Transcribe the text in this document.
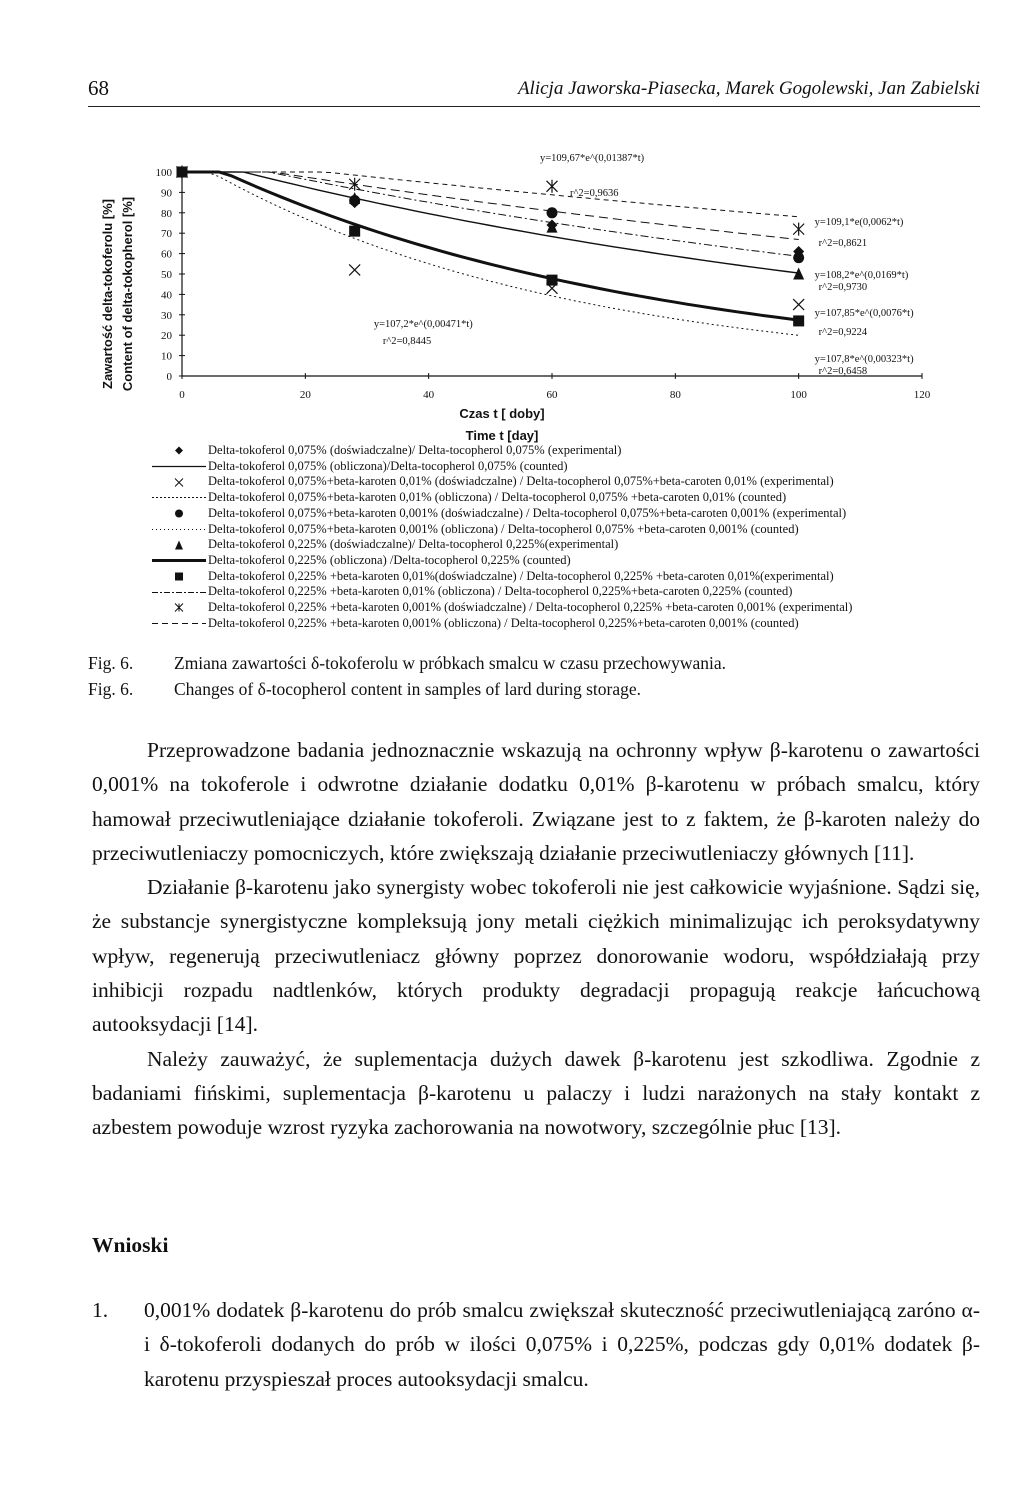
68	Alicja Jaworska-Piasecka, Marek Gogolewski, Jan Zabielski
0	20	40	60	80	100	120
0
10
20
30
40
50
60
70
80
90
100
Zawartość delta-tokoferolu [%] Content of delta-tokopherol [%]
Czas t [ doby]
Time t [day]
y=109,67*e^(0,01387*t)
r^2=0,9636
y=109,1*e(0,0062*t)
r^2=0,8621
y=108,2*e^(0,0169*t)
r^2=0,9730
y=107,85*e^(0,0076*t)
r^2=0,9224
y=107,8*e^(0,00323*t)
r^2=0,6458
y=107,2*e^(0,00471*t)
r^2=0,8445
Delta-tokoferol 0,075% (doświadczalne)/ Delta-tocopherol 0,075% (experimental)
Delta-tokoferol 0,075% (obliczona)/Delta-tocopherol 0,075% (counted)
Delta-tokoferol 0,075%+beta-karoten 0,01% (doświadczalne) / Delta-tocopherol 0,075%+beta-caroten 0,01% (experimental)
Delta-tokoferol 0,075%+beta-karoten 0,01% (obliczona) / Delta-tocopherol 0,075% +beta-caroten 0,01% (counted)
Delta-tokoferol 0,075%+beta-karoten 0,001% (doświadczalne) / Delta-tocopherol 0,075%+beta-caroten 0,001% (experimental)
Delta-tokoferol 0,075%+beta-karoten 0,001% (obliczona) / Delta-tocopherol 0,075% +beta-caroten 0,001% (counted)
Delta-tokoferol 0,225% (doświadczalne)/ Delta-tocopherol 0,225%(experimental)
Delta-tokoferol 0,225% (obliczona) /Delta-tocopherol 0,225% (counted)
Delta-tokoferol 0,225% +beta-karoten 0,01%(doświadczalne) / Delta-tocopherol 0,225% +beta-caroten 0,01%(experimental)
Delta-tokoferol 0,225% +beta-karoten 0,01% (obliczona) / Delta-tocopherol 0,225%+beta-caroten 0,225% (counted)
Delta-tokoferol 0,225% +beta-karoten 0,001% (doświadczalne) / Delta-tocopherol 0,225% +beta-caroten 0,001% (experimental)
Delta-tokoferol 0,225% +beta-karoten 0,001% (obliczona) / Delta-tocopherol 0,225%+beta-caroten 0,001% (counted)
Fig. 6.	Zmiana zawartości δ-tokoferolu w próbkach smalcu w czasu przechowywania.
Fig. 6.	Changes of δ-tocopherol content in samples of lard during storage.

Przeprowadzone badania jednoznacznie wskazują na ochronny wpływ β-karotenu o zawartości 0,001% na tokoferole i odwrotne działanie dodatku 0,01% β-karotenu w próbach smalcu, który hamował przeciwutleniające działanie tokoferoli. Związane jest to z faktem, że β-karoten należy do przeciwutleniaczy pomocniczych, które zwiększają działanie przeciwutleniaczy głównych [11].

Działanie β-karotenu jako synergisty wobec tokoferoli nie jest całkowicie wyjaśnione. Sądzi się, że substancje synergistyczne kompleksują jony metali ciężkich minimalizując ich peroksydatywny wpływ, regenerują przeciwutleniacz główny poprzez donorowanie wodoru, współdziałają przy inhibicji rozpadu nadtlenków, których produkty degradacji propagują reakcje łańcuchową autooksydacji [14].

Należy zauważyć, że suplementacja dużych dawek β-karotenu jest szkodliwa. Zgodnie z badaniami fińskimi, suplementacja β-karotenu u palaczy i ludzi narażonych na stały kontakt z azbestem powoduje wzrost ryzyka zachorowania na nowotwory, szczególnie płuc [13].

Wnioski
1. 0,001% dodatek β-karotenu do prób smalcu zwiększał skuteczność przeciwutleniającą zaróno α- i δ-tokoferoli dodanych do prób w ilości 0,075% i 0,225%, podczas gdy 0,01% dodatek β-karotenu przyspieszał proces autooksydacji smalcu.
